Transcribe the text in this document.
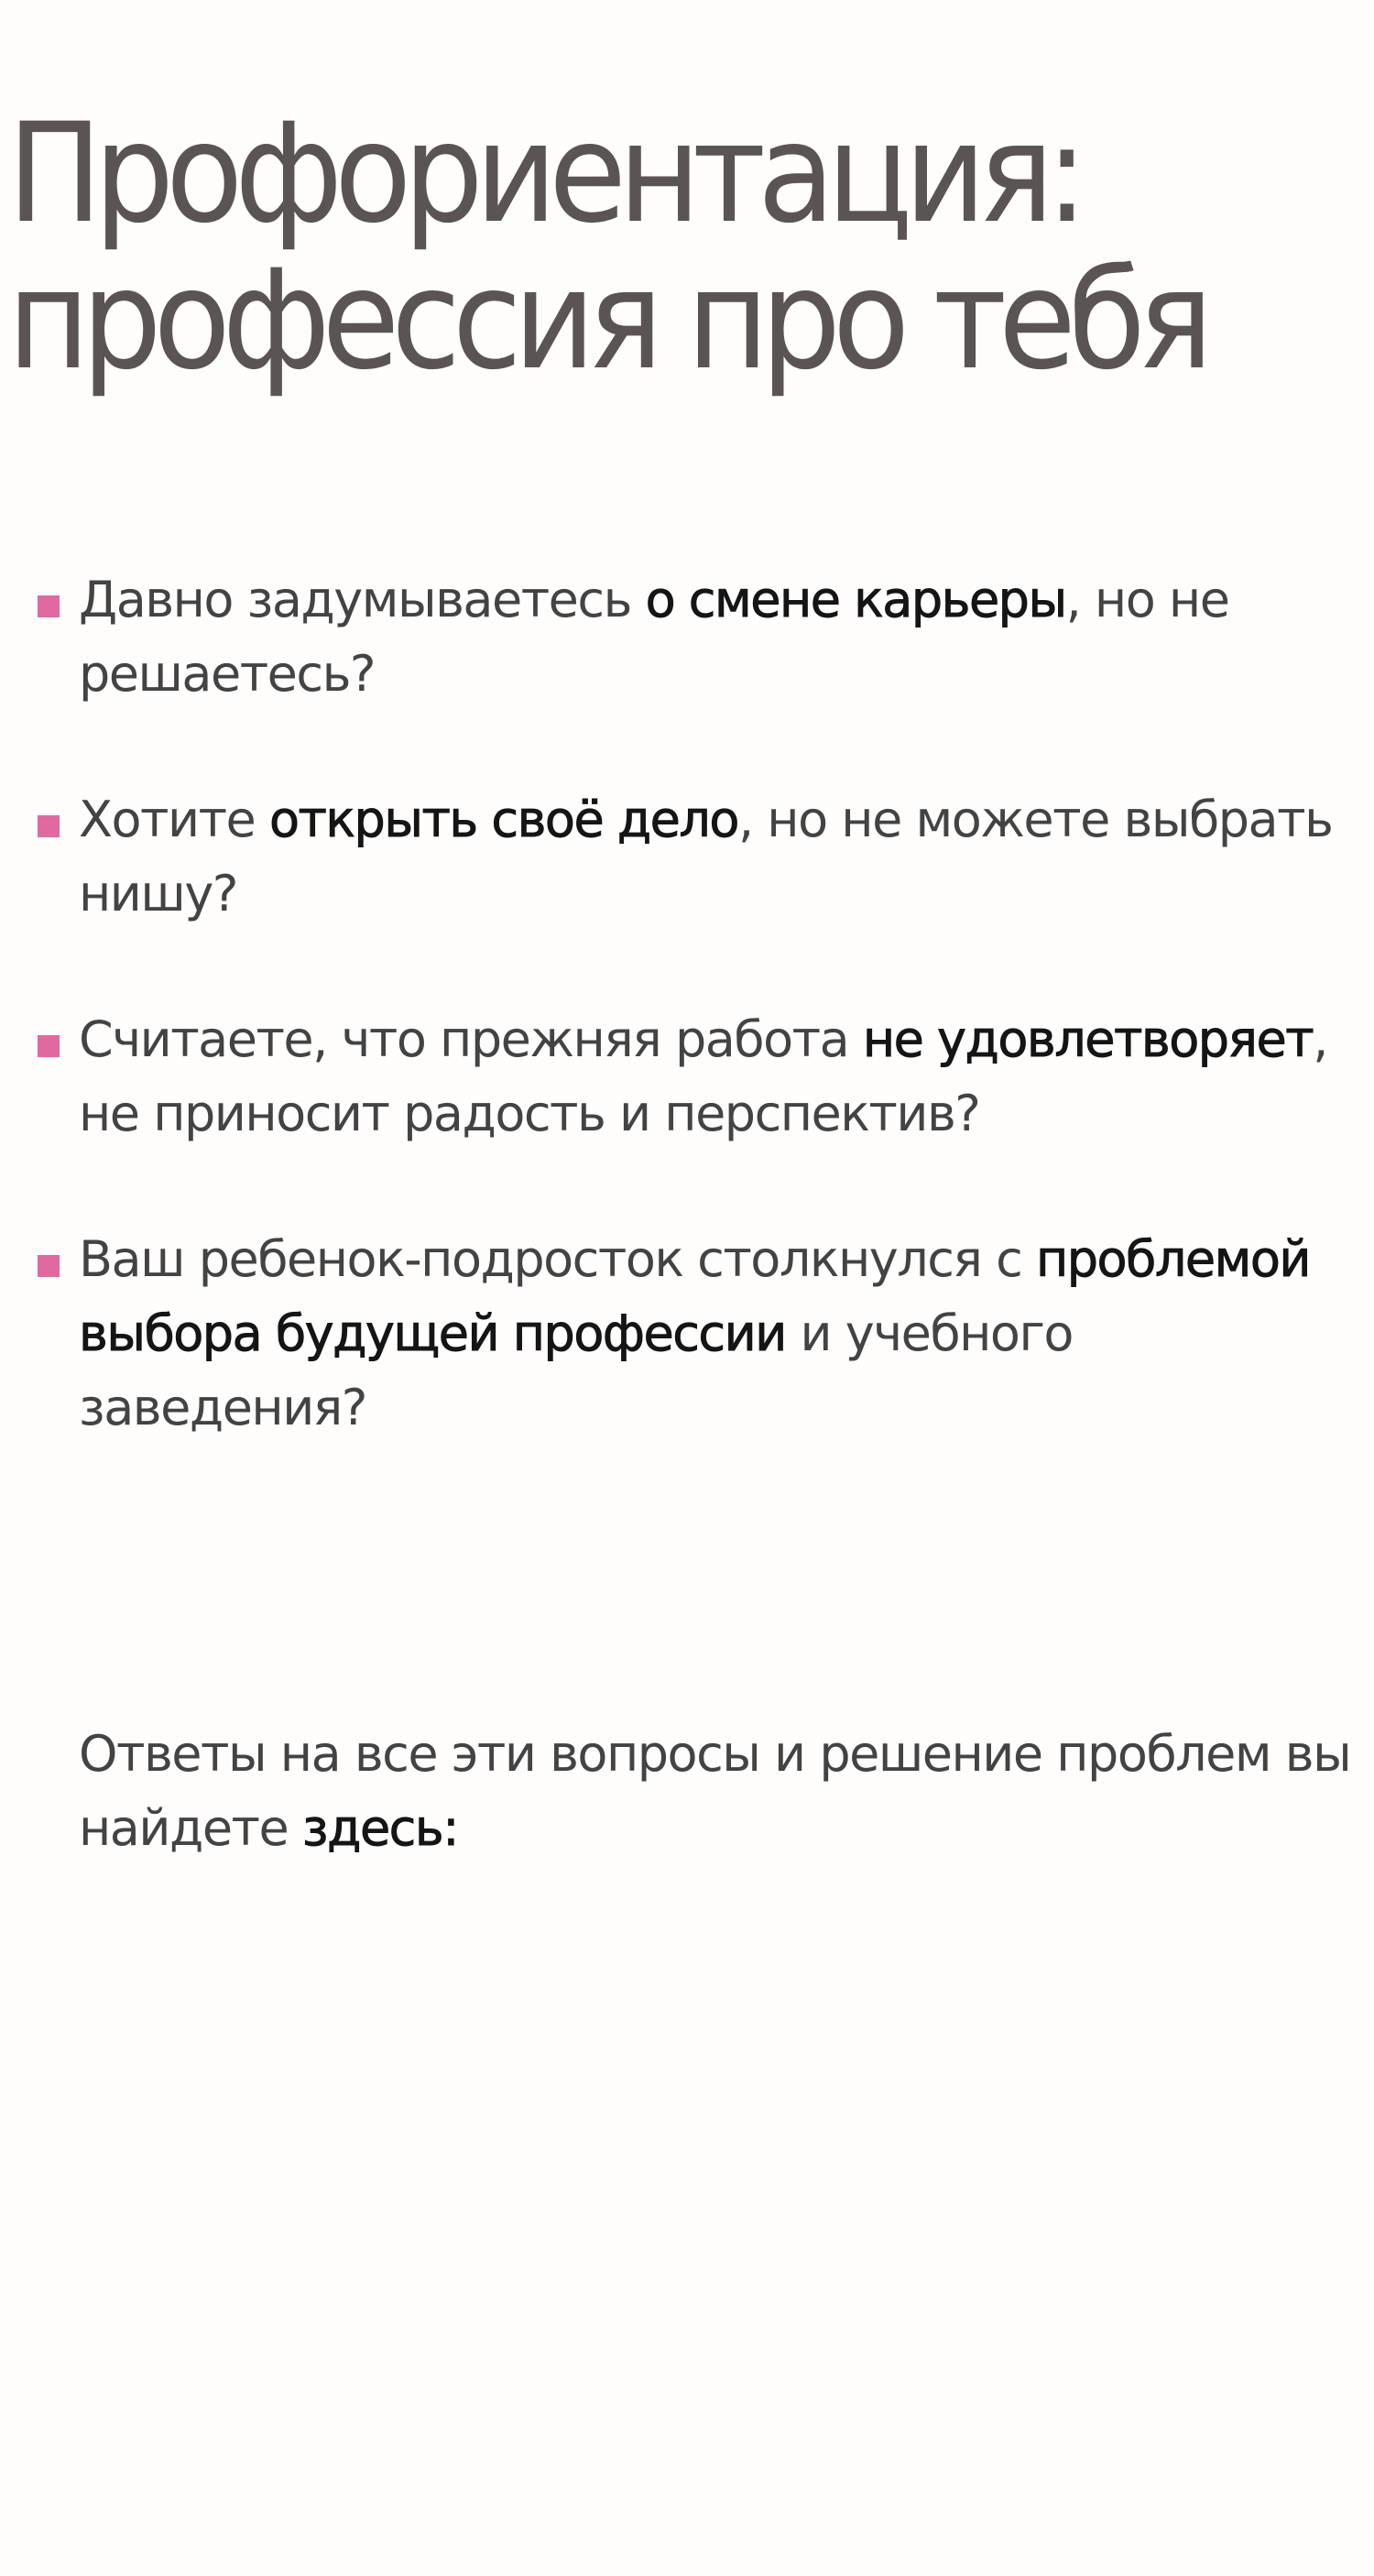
Профориентация:
профессия про тебя
Давно задумываетесь о смене карьеры, но не решаетесь?
Хотите открыть своё дело, но не можете выбрать нишу?
Считаете, что прежняя работа не удовлетворяет, не приносит радость и перспектив?
Ваш ребенок-подросток столкнулся с проблемой выбора будущей профессии и учебного заведения?

Ответы на все эти вопросы и решение проблем вы найдете здесь:
